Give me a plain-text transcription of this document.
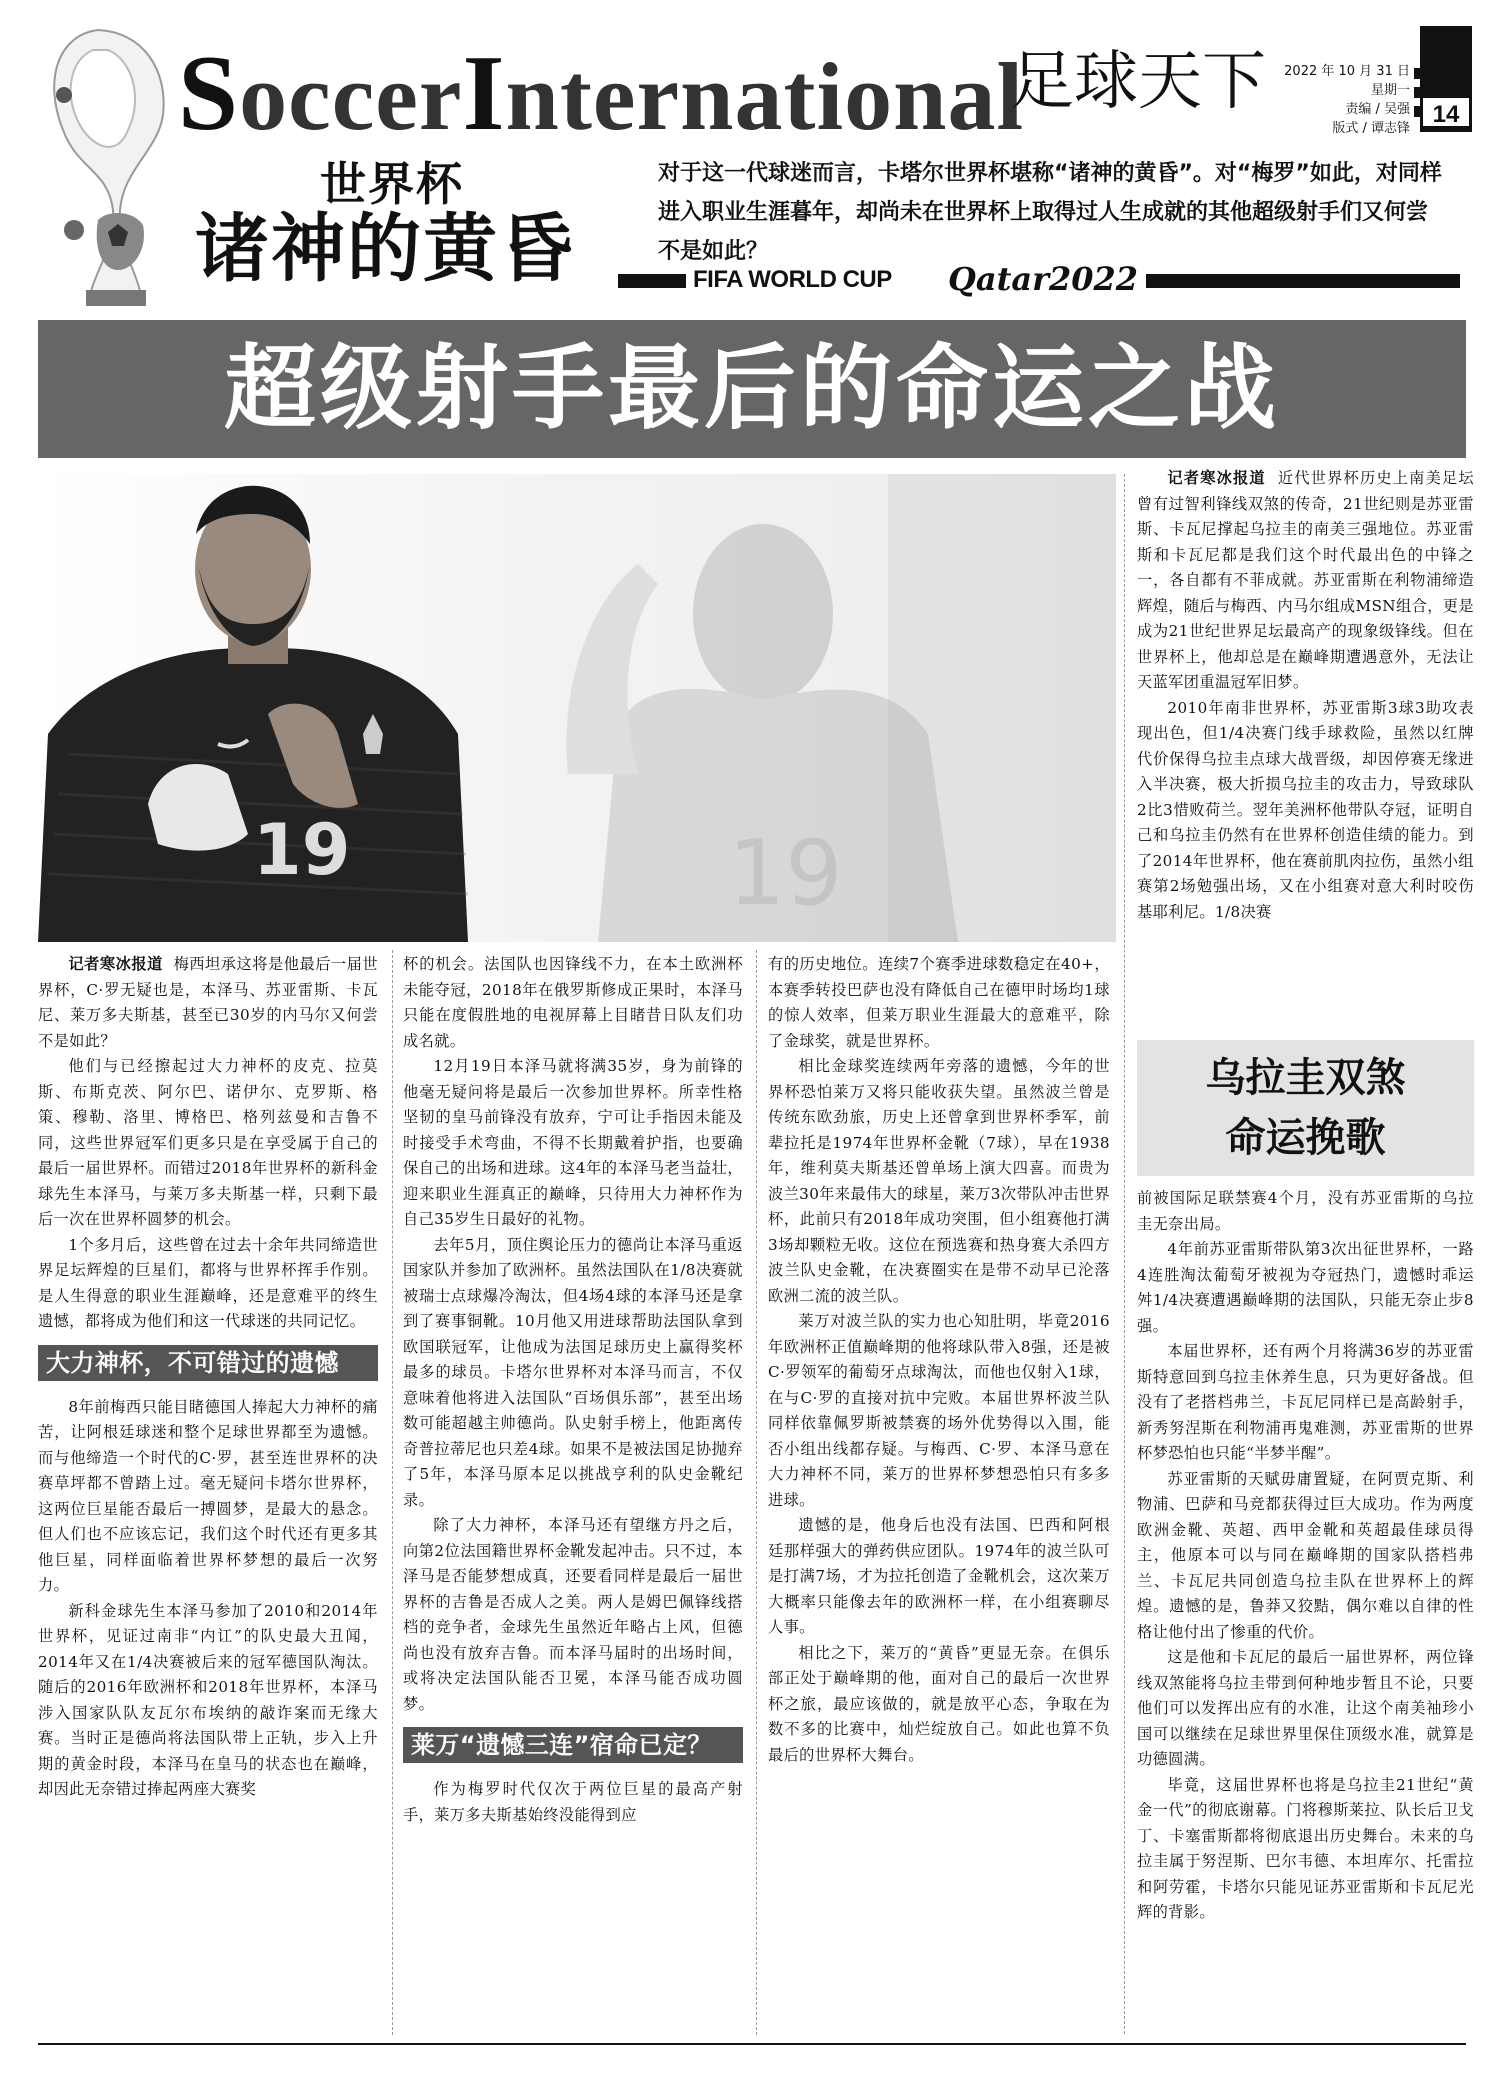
SoccerInternational
足球天下	2022 年 10 月 31 日
星期一
责编 / 吴强
版式 / 谭志锋
14
世界杯
诸神的黄昏
对于这一代球迷而言，卡塔尔世界杯堪称“诸神的黄昏”。对“梅罗”如此，对同样进入职业生涯暮年，却尚未在世界杯上取得过人生成就的其他超级射手们又何尝不是如此？
FIFA WORLD CUP Qatar2022
超级射手最后的命运之战
19
19

记者寒冰报道 梅西坦承这将是他最后一届世界杯，C·罗无疑也是，本泽马、苏亚雷斯、卡瓦尼、莱万多夫斯基，甚至已30岁的内马尔又何尝不是如此？

他们与已经擦起过大力神杯的皮克、拉莫斯、布斯克茨、阿尔巴、诺伊尔、克罗斯、格策、穆勒、洛里、博格巴、格列兹曼和吉鲁不同，这些世界冠军们更多只是在享受属于自己的最后一届世界杯。而错过2018年世界杯的新科金球先生本泽马，与莱万多夫斯基一样，只剩下最后一次在世界杯圆梦的机会。

1个多月后，这些曾在过去十余年共同缔造世界足坛辉煌的巨星们，都将与世界杯挥手作别。是人生得意的职业生涯巅峰，还是意难平的终生遗憾，都将成为他们和这一代球迷的共同记忆。

大力神杯，不可错过的遗憾

8年前梅西只能目睹德国人捧起大力神杯的痛苦，让阿根廷球迷和整个足球世界都至为遗憾。而与他缔造一个时代的C·罗，甚至连世界杯的决赛草坪都不曾踏上过。毫无疑问卡塔尔世界杯，这两位巨星能否最后一搏圆梦，是最大的悬念。但人们也不应该忘记，我们这个时代还有更多其他巨星，同样面临着世界杯梦想的最后一次努力。

新科金球先生本泽马参加了2010和2014年世界杯，见证过南非“内讧”的队史最大丑闻，2014年又在1/4决赛被后来的冠军德国队淘汰。随后的2016年欧洲杯和2018年世界杯，本泽马涉入国家队队友瓦尔布埃纳的敲诈案而无缘大赛。当时正是德尚将法国队带上正轨，步入上升期的黄金时段，本泽马在皇马的状态也在巅峰，却因此无奈错过捧起两座大赛奖

杯的机会。法国队也因锋线不力，在本土欧洲杯未能夺冠，2018年在俄罗斯修成正果时，本泽马只能在度假胜地的电视屏幕上目睹昔日队友们功成名就。

12月19日本泽马就将满35岁，身为前锋的他毫无疑问将是最后一次参加世界杯。所幸性格坚韧的皇马前锋没有放弃，宁可让手指因未能及时接受手术弯曲，不得不长期戴着护指，也要确保自己的出场和进球。这4年的本泽马老当益壮，迎来职业生涯真正的巅峰，只待用大力神杯作为自己35岁生日最好的礼物。

去年5月，顶住舆论压力的德尚让本泽马重返国家队并参加了欧洲杯。虽然法国队在1/8决赛就被瑞士点球爆冷淘汰，但4场4球的本泽马还是拿到了赛事铜靴。10月他又用进球帮助法国队拿到欧国联冠军，让他成为法国足球历史上赢得奖杯最多的球员。卡塔尔世界杯对本泽马而言，不仅意味着他将进入法国队“百场俱乐部”，甚至出场数可能超越主帅德尚。队史射手榜上，他距离传奇普拉蒂尼也只差4球。如果不是被法国足协抛弃了5年，本泽马原本足以挑战亨利的队史金靴纪录。

除了大力神杯，本泽马还有望继方丹之后，向第2位法国籍世界杯金靴发起冲击。只不过，本泽马是否能梦想成真，还要看同样是最后一届世界杯的吉鲁是否成人之美。两人是姆巴佩锋线搭档的竞争者，金球先生虽然近年略占上风，但德尚也没有放弃吉鲁。而本泽马届时的出场时间，或将决定法国队能否卫冕，本泽马能否成功圆梦。

莱万“遗憾三连”宿命已定？

作为梅罗时代仅次于两位巨星的最高产射手，莱万多夫斯基始终没能得到应

有的历史地位。连续7个赛季进球数稳定在40+，本赛季转投巴萨也没有降低自己在德甲时场均1球的惊人效率，但莱万职业生涯最大的意难平，除了金球奖，就是世界杯。

相比金球奖连续两年旁落的遗憾，今年的世界杯恐怕莱万又将只能收获失望。虽然波兰曾是传统东欧劲旅，历史上还曾拿到世界杯季军，前辈拉托是1974年世界杯金靴（7球），早在1938年，维利莫夫斯基还曾单场上演大四喜。而贵为波兰30年来最伟大的球星，莱万3次带队冲击世界杯，此前只有2018年成功突围，但小组赛他打满3场却颗粒无收。这位在预选赛和热身赛大杀四方波兰队史金靴，在决赛圈实在是带不动早已沦落欧洲二流的波兰队。

莱万对波兰队的实力也心知肚明，毕竟2016年欧洲杯正值巅峰期的他将球队带入8强，还是被C·罗领军的葡萄牙点球淘汰，而他也仅射入1球，在与C·罗的直接对抗中完败。本届世界杯波兰队同样依靠佩罗斯被禁赛的场外优势得以入围，能否小组出线都存疑。与梅西、C·罗、本泽马意在大力神杯不同，莱万的世界杯梦想恐怕只有多多进球。

遗憾的是，他身后也没有法国、巴西和阿根廷那样强大的弹药供应团队。1974年的波兰队可是打满7场，才为拉托创造了金靴机会，这次莱万大概率只能像去年的欧洲杯一样，在小组赛聊尽人事。

相比之下，莱万的“黄昏”更显无奈。在俱乐部正处于巅峰期的他，面对自己的最后一次世界杯之旅，最应该做的，就是放平心态，争取在为数不多的比赛中，灿烂绽放自己。如此也算不负最后的世界杯大舞台。

记者寒冰报道 近代世界杯历史上南美足坛曾有过智利锋线双煞的传奇，21世纪则是苏亚雷斯、卡瓦尼撑起乌拉圭的南美三强地位。苏亚雷斯和卡瓦尼都是我们这个时代最出色的中锋之一，各自都有不菲成就。苏亚雷斯在利物浦缔造辉煌，随后与梅西、内马尔组成MSN组合，更是成为21世纪世界足坛最高产的现象级锋线。但在世界杯上，他却总是在巅峰期遭遇意外，无法让天蓝军团重温冠军旧梦。

2010年南非世界杯，苏亚雷斯3球3助攻表现出色，但1/4决赛门线手球救险，虽然以红牌代价保得乌拉圭点球大战晋级，却因停赛无缘进入半决赛，极大折损乌拉圭的攻击力，导致球队2比3惜败荷兰。翌年美洲杯他带队夺冠，证明自己和乌拉圭仍然有在世界杯创造佳绩的能力。到了2014年世界杯，他在赛前肌肉拉伤，虽然小组赛第2场勉强出场，又在小组赛对意大利时咬伤基耶利尼。1/8决赛

乌拉圭双煞
命运挽歌

前被国际足联禁赛4个月，没有苏亚雷斯的乌拉圭无奈出局。

4年前苏亚雷斯带队第3次出征世界杯，一路4连胜淘汰葡萄牙被视为夺冠热门，遗憾时乖运舛1/4决赛遭遇巅峰期的法国队，只能无奈止步8强。

本届世界杯，还有两个月将满36岁的苏亚雷斯特意回到乌拉圭休养生息，只为更好备战。但没有了老搭档弗兰，卡瓦尼同样已是高龄射手，新秀努涅斯在利物浦再鬼难测，苏亚雷斯的世界杯梦恐怕也只能“半梦半醒”。

苏亚雷斯的天赋毋庸置疑，在阿贾克斯、利物浦、巴萨和马竞都获得过巨大成功。作为两度欧洲金靴、英超、西甲金靴和英超最佳球员得主，他原本可以与同在巅峰期的国家队搭档弗兰、卡瓦尼共同创造乌拉圭队在世界杯上的辉煌。遗憾的是，鲁莽又狡黠，偶尔难以自律的性格让他付出了惨重的代价。

这是他和卡瓦尼的最后一届世界杯，两位锋线双煞能将乌拉圭带到何种地步暂且不论，只要他们可以发挥出应有的水准，让这个南美袖珍小国可以继续在足球世界里保住顶级水准，就算是功德圆满。

毕竟，这届世界杯也将是乌拉圭21世纪“黄金一代”的彻底谢幕。门将穆斯莱拉、队长后卫戈丁、卡塞雷斯都将彻底退出历史舞台。未来的乌拉圭属于努涅斯、巴尔韦德、本坦库尔、托雷拉和阿劳霍，卡塔尔只能见证苏亚雷斯和卡瓦尼光辉的背影。
